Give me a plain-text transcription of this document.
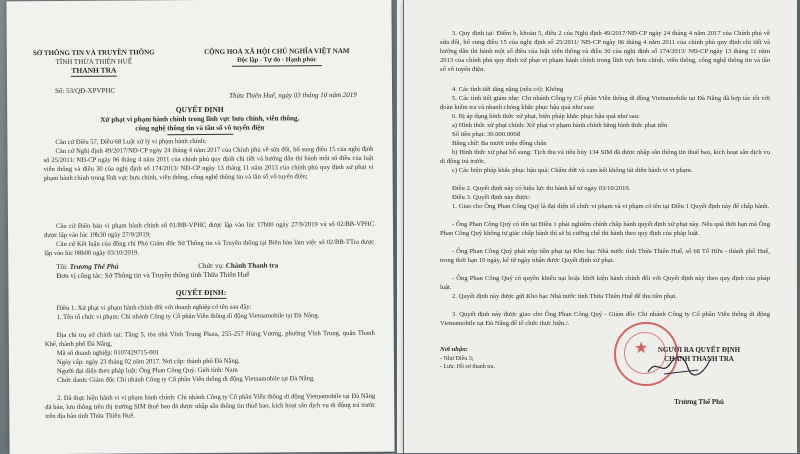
SỞ THÔNG TIN VÀ TRUYỀN THÔNG
TỈNH THỪA THIÊN HUẾ
THANH TRA
CỘNG HOÀ XÃ HỘI CHỦ NGHĨA VIỆT NAM
Độc lập - Tự do - Hạnh phúc
Số: 53/QĐ-XPVPHC
Thừa Thiên Huế, ngày 03 tháng 10 năm 2019
QUYẾT ĐỊNH
Xử phạt vi phạm hành chính trong lĩnh vực bưu chính, viễn thông,
công nghệ thông tin và tần số vô tuyến điện
Căn cứ Điều 57, Điều 68 Luật xử lý vi phạm hành chính;
Căn cứ Nghị định 49/2017/NĐ-CP ngày 24 tháng 4 năm 2017 của Chính phủ về sửa đổi, bổ sung điều 15 của nghị định số 25/2011/ NĐ-CP ngày 06 tháng 4 năm 2011 của chính phủ quy định chi tiết và hướng dẫn thi hành một số điều của luật viễn thông và điều 30 của nghị định số 174/2013/ NĐ-CP ngày 13 tháng 11 năm 2013 của chính phủ quy định xử phạt vi phạm hành chính trong lĩnh vực bưu chính, viễn thông, công nghệ thông tin và tần số vô tuyến điện;
Căn cứ Biên bản vi phạm hành chính số 01/BB-VPHC được lập vào lúc 17h00 ngày 27/9/2019 và số 02/BB-VPHC được lập vào lúc 19h30 ngày 27/9/2019;
Căn cứ Kết luận của đồng chí Phó Giám đốc Sở Thông tin và Truyền thông tại Biên bản làm việc số 02/BB-TTra được lập vào lúc 08h00 ngày 03/10/2019.
Tôi: Trương Thế Phú	Chức vụ: Chánh Thanh tra
Đơn vị công tác: Sở Thông tin và Truyền thông tỉnh Thừa Thiên Huế
QUYẾT ĐỊNH:
Điều 1. Xử phạt vi phạm hành chính đối với doanh nghiệp có tên sau đây:
1. Tên tổ chức vi phạm: Chi nhánh Công ty Cổ phần Viễn thông di động Vietnamobile tại Đà Nẵng.
Địa chỉ trụ sở chính tại: Tầng 5, tòa nhà Vĩnh Trung Plaza, 255-257 Hùng Vương, phường Vĩnh Trung, quận Thanh Khê, thành phố Đà Nẵng.
Mã số doanh nghiệp: 0107429715-001
Ngày cấp: ngày 23 tháng 02 năm 2017. Nơi cấp: thành phố Đà Nẵng.
Người đại diện theo pháp luật: Ông Phan Công Quý. Giới tính: Nam
Chức danh: Giám đốc Chi nhánh Công ty Cổ phần Viễn thông di động Vietnamobile tại Đà Nẵng.
2. Đã thực hiện hành vi vi phạm hành chính: Chi nhánh Công ty Cổ phần Viễn thông di động Vietnamobile tại Đà Nẵng đã bán, lưu thông trên thị trường SIM thuê bao đã được nhập sẵn thông tin thuê bao, kích hoạt sẵn dịch vụ di động trả trước trên địa bàn tỉnh Thừa Thiên Huế.
3. Quy định tại: Điểm b, khoản 5, điều 2 của Nghị định 49/2017/NĐ-CP ngày 24 tháng 4 năm 2017 của Chính phủ về sửa đổi, bổ sung điều 15 của nghị định số 25/2011/ NĐ-CP ngày 06 tháng 4 năm 2011 của chính phủ quy định chi tiết và hướng dẫn thi hành một số điều của luật viễn thông và điều 30 của nghị định số 174/2013/ NĐ-CP ngày 13 tháng 11 năm 2013 của chính phủ quy định xử phạt vi phạm hành chính trong lĩnh vực bưu chính, viễn thông, công nghệ thông tin và tần số vô tuyến điện.
4. Các tình tiết tăng nặng (nếu có): Không
5. Các tình tiết giảm nhẹ: Chi nhánh Công ty Cổ phần Viễn thông di động Vietnamobile tại Đà Nẵng đã hợp tác tốt với đoàn kiểm tra và nhanh chóng khắc phục hậu quả như sau:
6. Bị áp dụng hình thức xử phạt, biện pháp khắc phục hậu quả như sau:
a) Hình thức xử phạt chính: Xử phạt vi phạm hành chính bằng hình thức phạt tiền
Số tiền phạt: 30.000.000đ
Bằng chữ: Ba mươi triệu đồng chẵn
b) Hình thức xử phạt bổ sung: Tịch thu và tiêu hủy 134 SIM đã được nhập sẵn thông tin thuê bao, kích hoạt sẵn dịch vụ di động trả trước.
c) Các biện pháp khắc phục hậu quả: Chấm dứt và cam kết không tái diễn hành vi vi phạm.
Điều 2. Quyết định này có hiệu lực thi hành kể từ ngày 03/10/2019.
Điều 3. Quyết định này được:
1. Giao cho Ông Phan Công Quý là đại diện tổ chức vi phạm và vi phạm có tên tại Điều 1 Quyết định này để chấp hành.
- Ông Phan Công Quý có tên tại Điều 1 phải nghiêm chỉnh chấp hành quyết định xử phạt này. Nếu quá thời hạn mà Ông Phan Công Quý không tự giác chấp hành thì sẽ bị cưỡng chế thi hành theo quy định của pháp luật.
- Ông Phan Công Quý phải nộp tiền phạt tại Kho bạc Nhà nước tỉnh Thừa Thiên Huế, số 68 Tố Hữu - thành phố Huế, trong thời hạn 10 ngày, kể từ ngày nhận được Quyết định xử phạt.
- Ông Phan Công Quý có quyền khiếu nại hoặc khởi kiện hành chính đối với Quyết định này theo quy định của pháp luật.
2. Quyết định này được gửi Kho bạc Nhà nước tỉnh Thừa Thiên Huế để thu tiền phạt.
3. Quyết định này được giao cho Ông Phan Công Quý - Giám đốc Chi nhánh Công ty Cổ phần Viễn thông di động Vietnamobile tại Đà Nẵng để tổ chức thực hiện./.
Nơi nhận:
- Như Điều 3;
- Lưu: Hồ sơ thanh tra.
NGƯỜI RA QUYẾT ĐỊNH
CHÁNH THANH TRA
★
Trương Thế Phú
